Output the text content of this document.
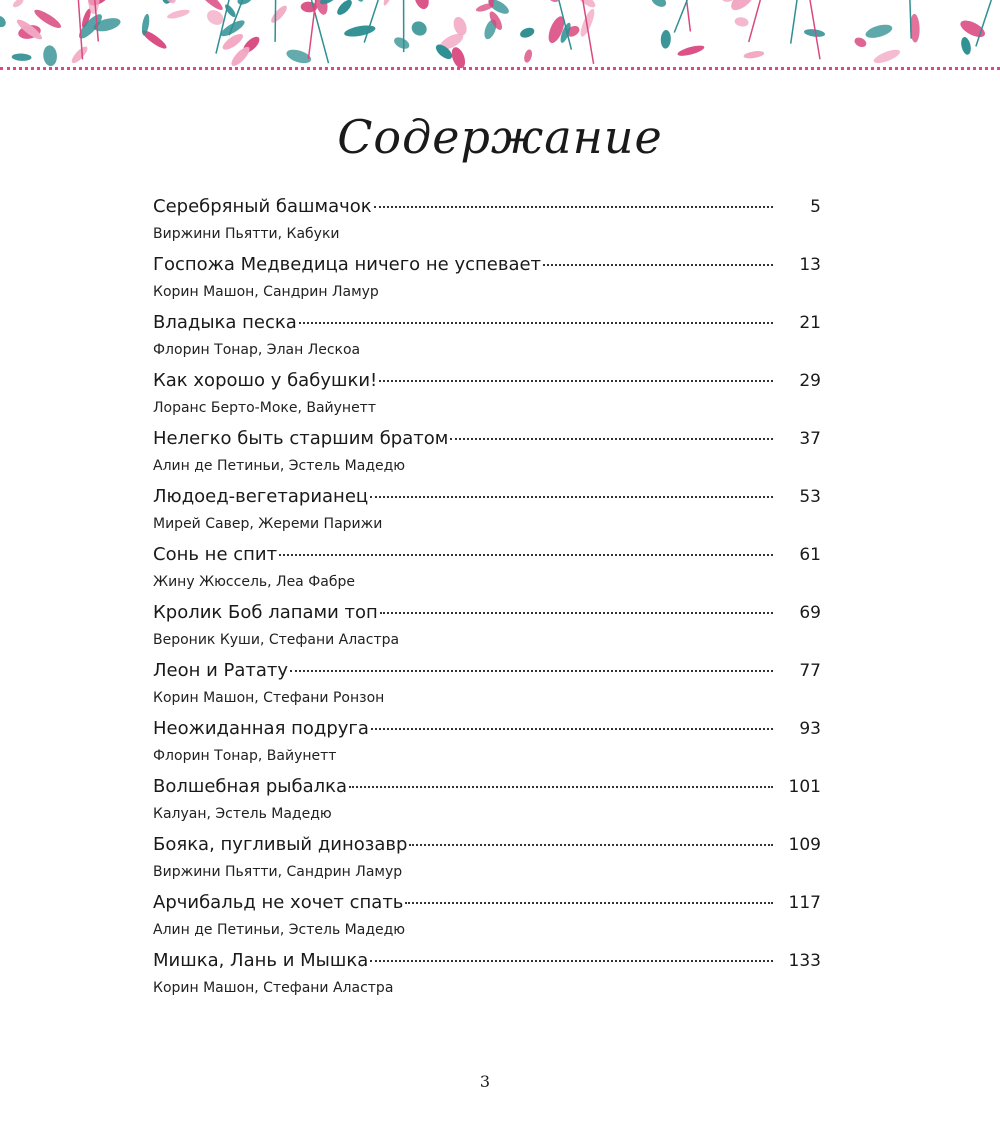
Содержание
Серебряный башмачок	5
Виржини Пьятти, Кабуки
Госпожа Медведица ничего не успевает	13
Корин Машон, Сандрин Ламур
Владыка песка	21
Флорин Тонар, Элан Лескоа
Как хорошо у бабушки!	29
Лоранс Берто-Моке, Вайунетт
Нелегко быть старшим братом	37
Алин де Петиньи, Эстель Мадедю
Людоед-вегетарианец	53
Мирей Савер, Жереми Парижи
Сонь не спит	61
Жину Жюссель, Леа Фабре
Кролик Боб лапами топ	69
Вероник Куши, Стефани Аластра
Леон и Ратату	77
Корин Машон, Стефани Ронзон
Неожиданная подруга	93
Флорин Тонар, Вайунетт
Волшебная рыбалка	101
Калуан, Эстель Мадедю
Бояка, пугливый динозавр	109
Виржини Пьятти, Сандрин Ламур
Арчибальд не хочет спать	117
Алин де Петиньи, Эстель Мадедю
Мишка, Лань и Мышка	133
Корин Машон, Стефани Аластра
3
